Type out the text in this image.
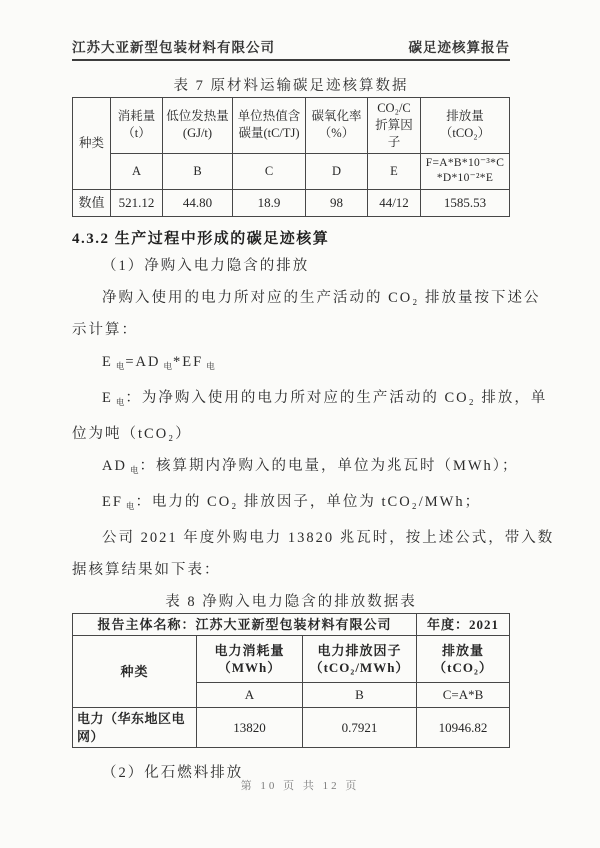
江苏大亚新型包装材料有限公司	碳足迹核算报告
表 7 原材料运输碳足迹核算数据
种类	消耗量 （t）	低位发热量(GJ/t)	单位热值含碳量(tC/TJ)	碳氧化率 （%）	CO₂/C 折算因子	排放量 （tCO₂）
	A	B	C	D	E	F=A*B*10⁻³*C*D*10⁻²*E
数值	521.12	44.80	18.9	98	44/12	1585.53
4.3.2 生产过程中形成的碳足迹核算
（1）净购入电力隐含的排放
净购入使用的电力所对应的生产活动的 CO₂ 排放量按下述公
示计算：
E $_电$=AD $_电$*EF $_电$
E $_电$：为净购入使用的电力所对应的生产活动的 CO₂ 排放，单
位为吨（tCO₂）
AD $_电$：核算期内净购入的电量，单位为兆瓦时（MWh）；
EF $_电$：电力的 CO₂ 排放因子，单位为 tCO₂/MWh；
公司 2021 年度外购电力 13820 兆瓦时，按上述公式，带入数
据核算结果如下表：
表 8 净购入电力隐含的排放数据表
报告主体名称：江苏大亚新型包装材料有限公司			年度：2021
种类	电力消耗量 （MWh）	电力排放因子 （tCO₂/MWh）	排放量 （tCO₂）
	A	B	C=A*B
电力（华东地区电网）	13820	0.7921	10946.82
（2）化石燃料排放
第 10 页 共 12 页
